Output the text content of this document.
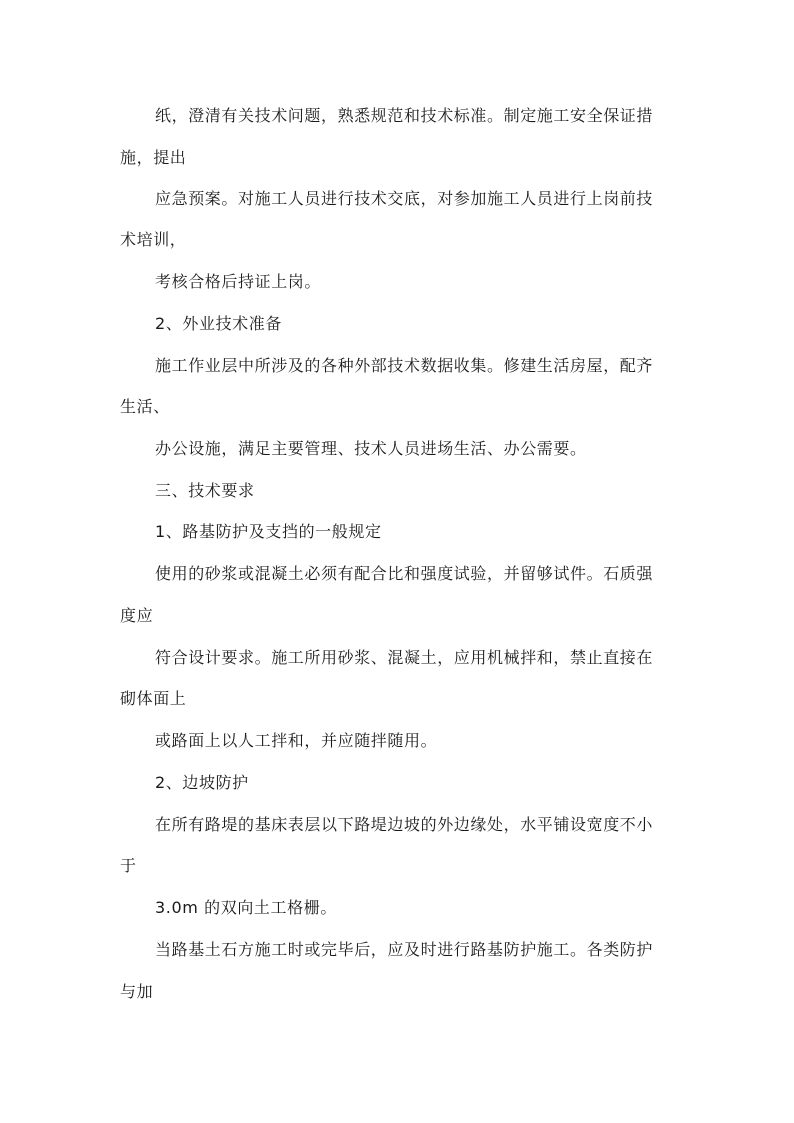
纸，澄清有关技术问题，熟悉规范和技术标准。制定施工安全保证措
施，提出
应急预案。对施工人员进行技术交底，对参加施工人员进行上岗前技
术培训，
考核合格后持证上岗。
2、外业技术准备
施工作业层中所涉及的各种外部技术数据收集。修建生活房屋，配齐
生活、
办公设施，满足主要管理、技术人员进场生活、办公需要。
三、技术要求
1、路基防护及支挡的一般规定
使用的砂浆或混凝土必须有配合比和强度试验，并留够试件。石质强
度应
符合设计要求。施工所用砂浆、混凝土，应用机械拌和，禁止直接在
砌体面上
或路面上以人工拌和，并应随拌随用。
2、边坡防护
在所有路堤的基床表层以下路堤边坡的外边缘处，水平铺设宽度不小
于
3.0m 的双向土工格栅。
当路基土石方施工时或完毕后，应及时进行路基防护施工。各类防护
与加
